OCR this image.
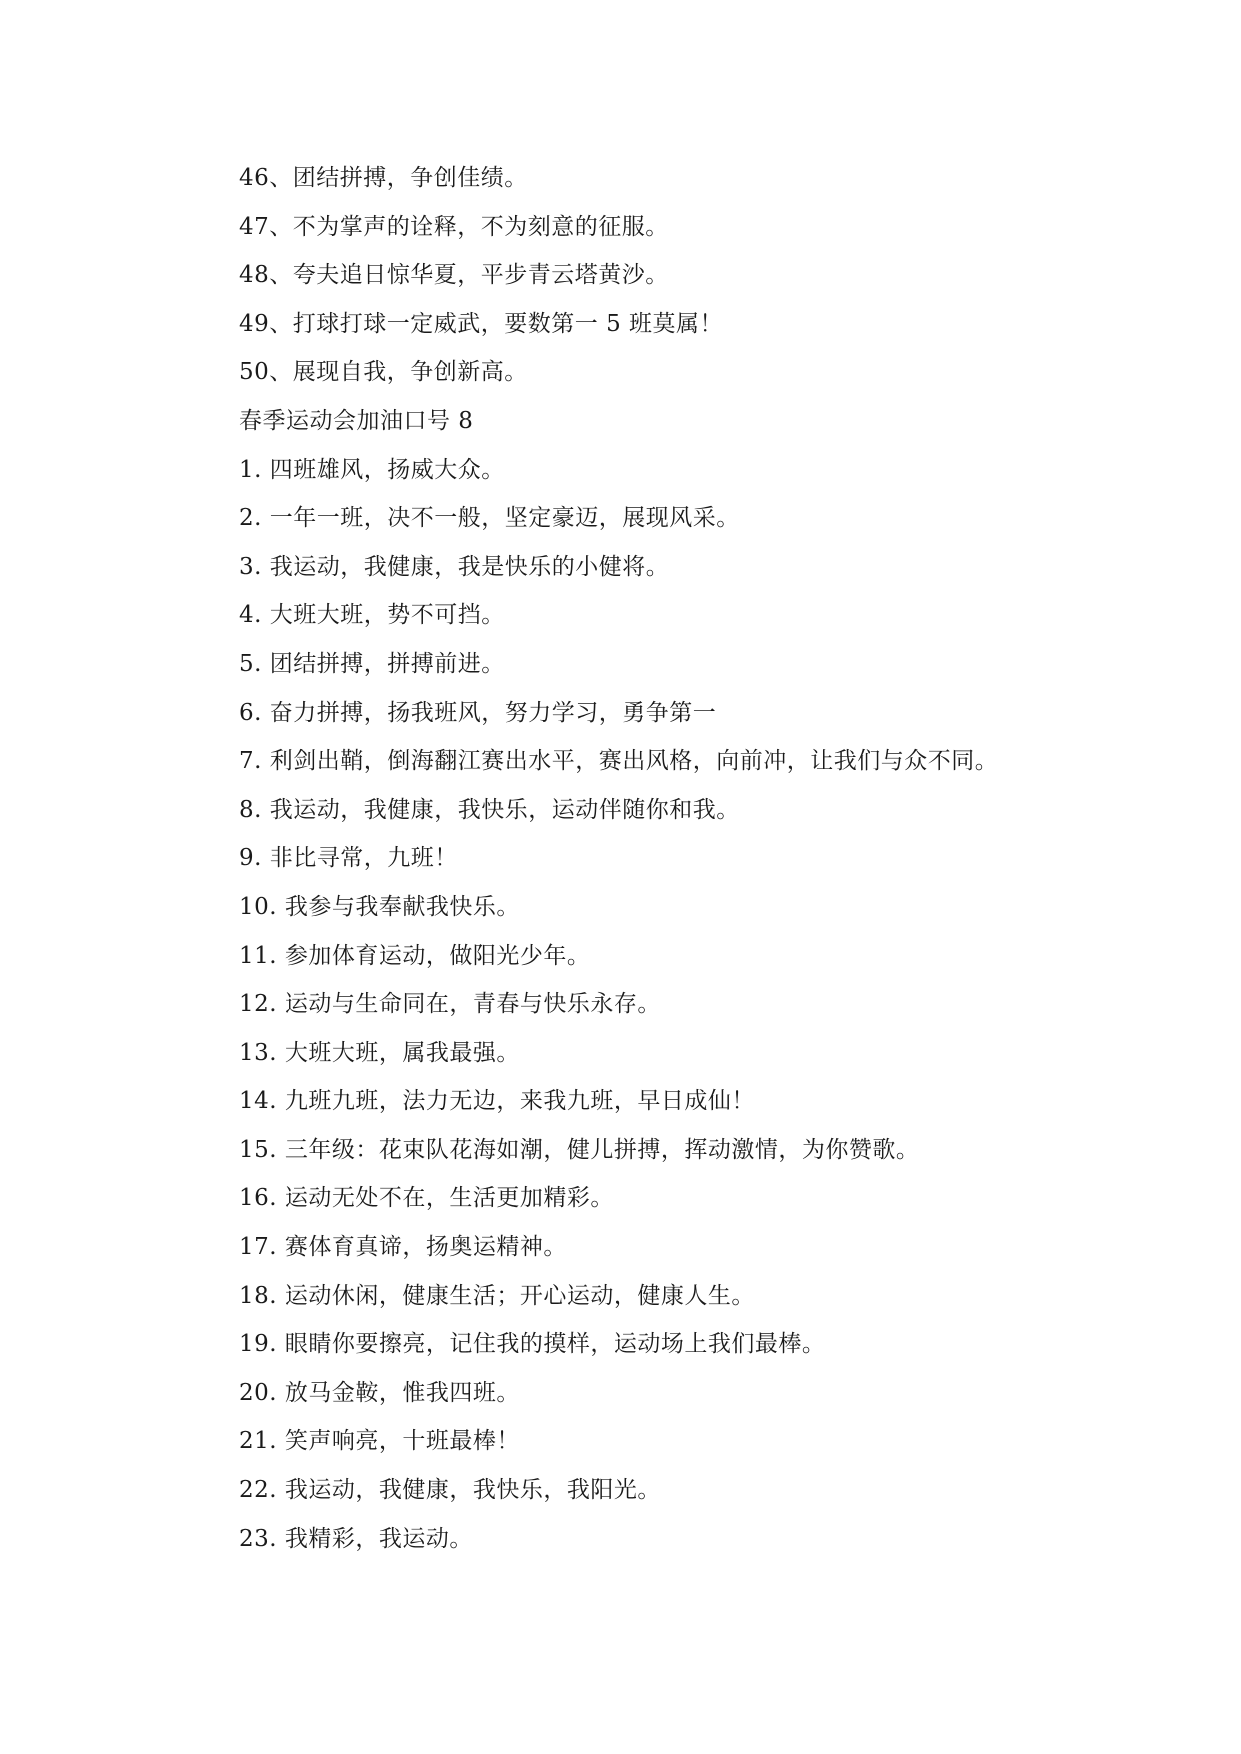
46、团结拼搏，争创佳绩。
47、不为掌声的诠释，不为刻意的征服。
48、夸夫追日惊华夏，平步青云塔黄沙。
49、打球打球一定威武，要数第一 5 班莫属！
50、展现自我，争创新高。
春季运动会加油口号 8
1. 四班雄风，扬威大众。
2. 一年一班，决不一般，坚定豪迈，展现风采。
3. 我运动，我健康，我是快乐的小健将。
4. 大班大班，势不可挡。
5. 团结拼搏，拼搏前进。
6. 奋力拼搏，扬我班风，努力学习，勇争第一
7. 利剑出鞘，倒海翻江赛出水平，赛出风格，向前冲，让我们与众不同。
8. 我运动，我健康，我快乐，运动伴随你和我。
9. 非比寻常，九班！
10. 我参与我奉献我快乐。
11. 参加体育运动，做阳光少年。
12. 运动与生命同在，青春与快乐永存。
13. 大班大班，属我最强。
14. 九班九班，法力无边，来我九班，早日成仙！
15. 三年级：花束队花海如潮，健儿拼搏，挥动激情，为你赞歌。
16. 运动无处不在，生活更加精彩。
17. 赛体育真谛，扬奥运精神。
18. 运动休闲，健康生活；开心运动，健康人生。
19. 眼睛你要擦亮，记住我的摸样，运动场上我们最棒。
20. 放马金鞍，惟我四班。
21. 笑声响亮，十班最棒！
22. 我运动，我健康，我快乐，我阳光。
23. 我精彩，我运动。
